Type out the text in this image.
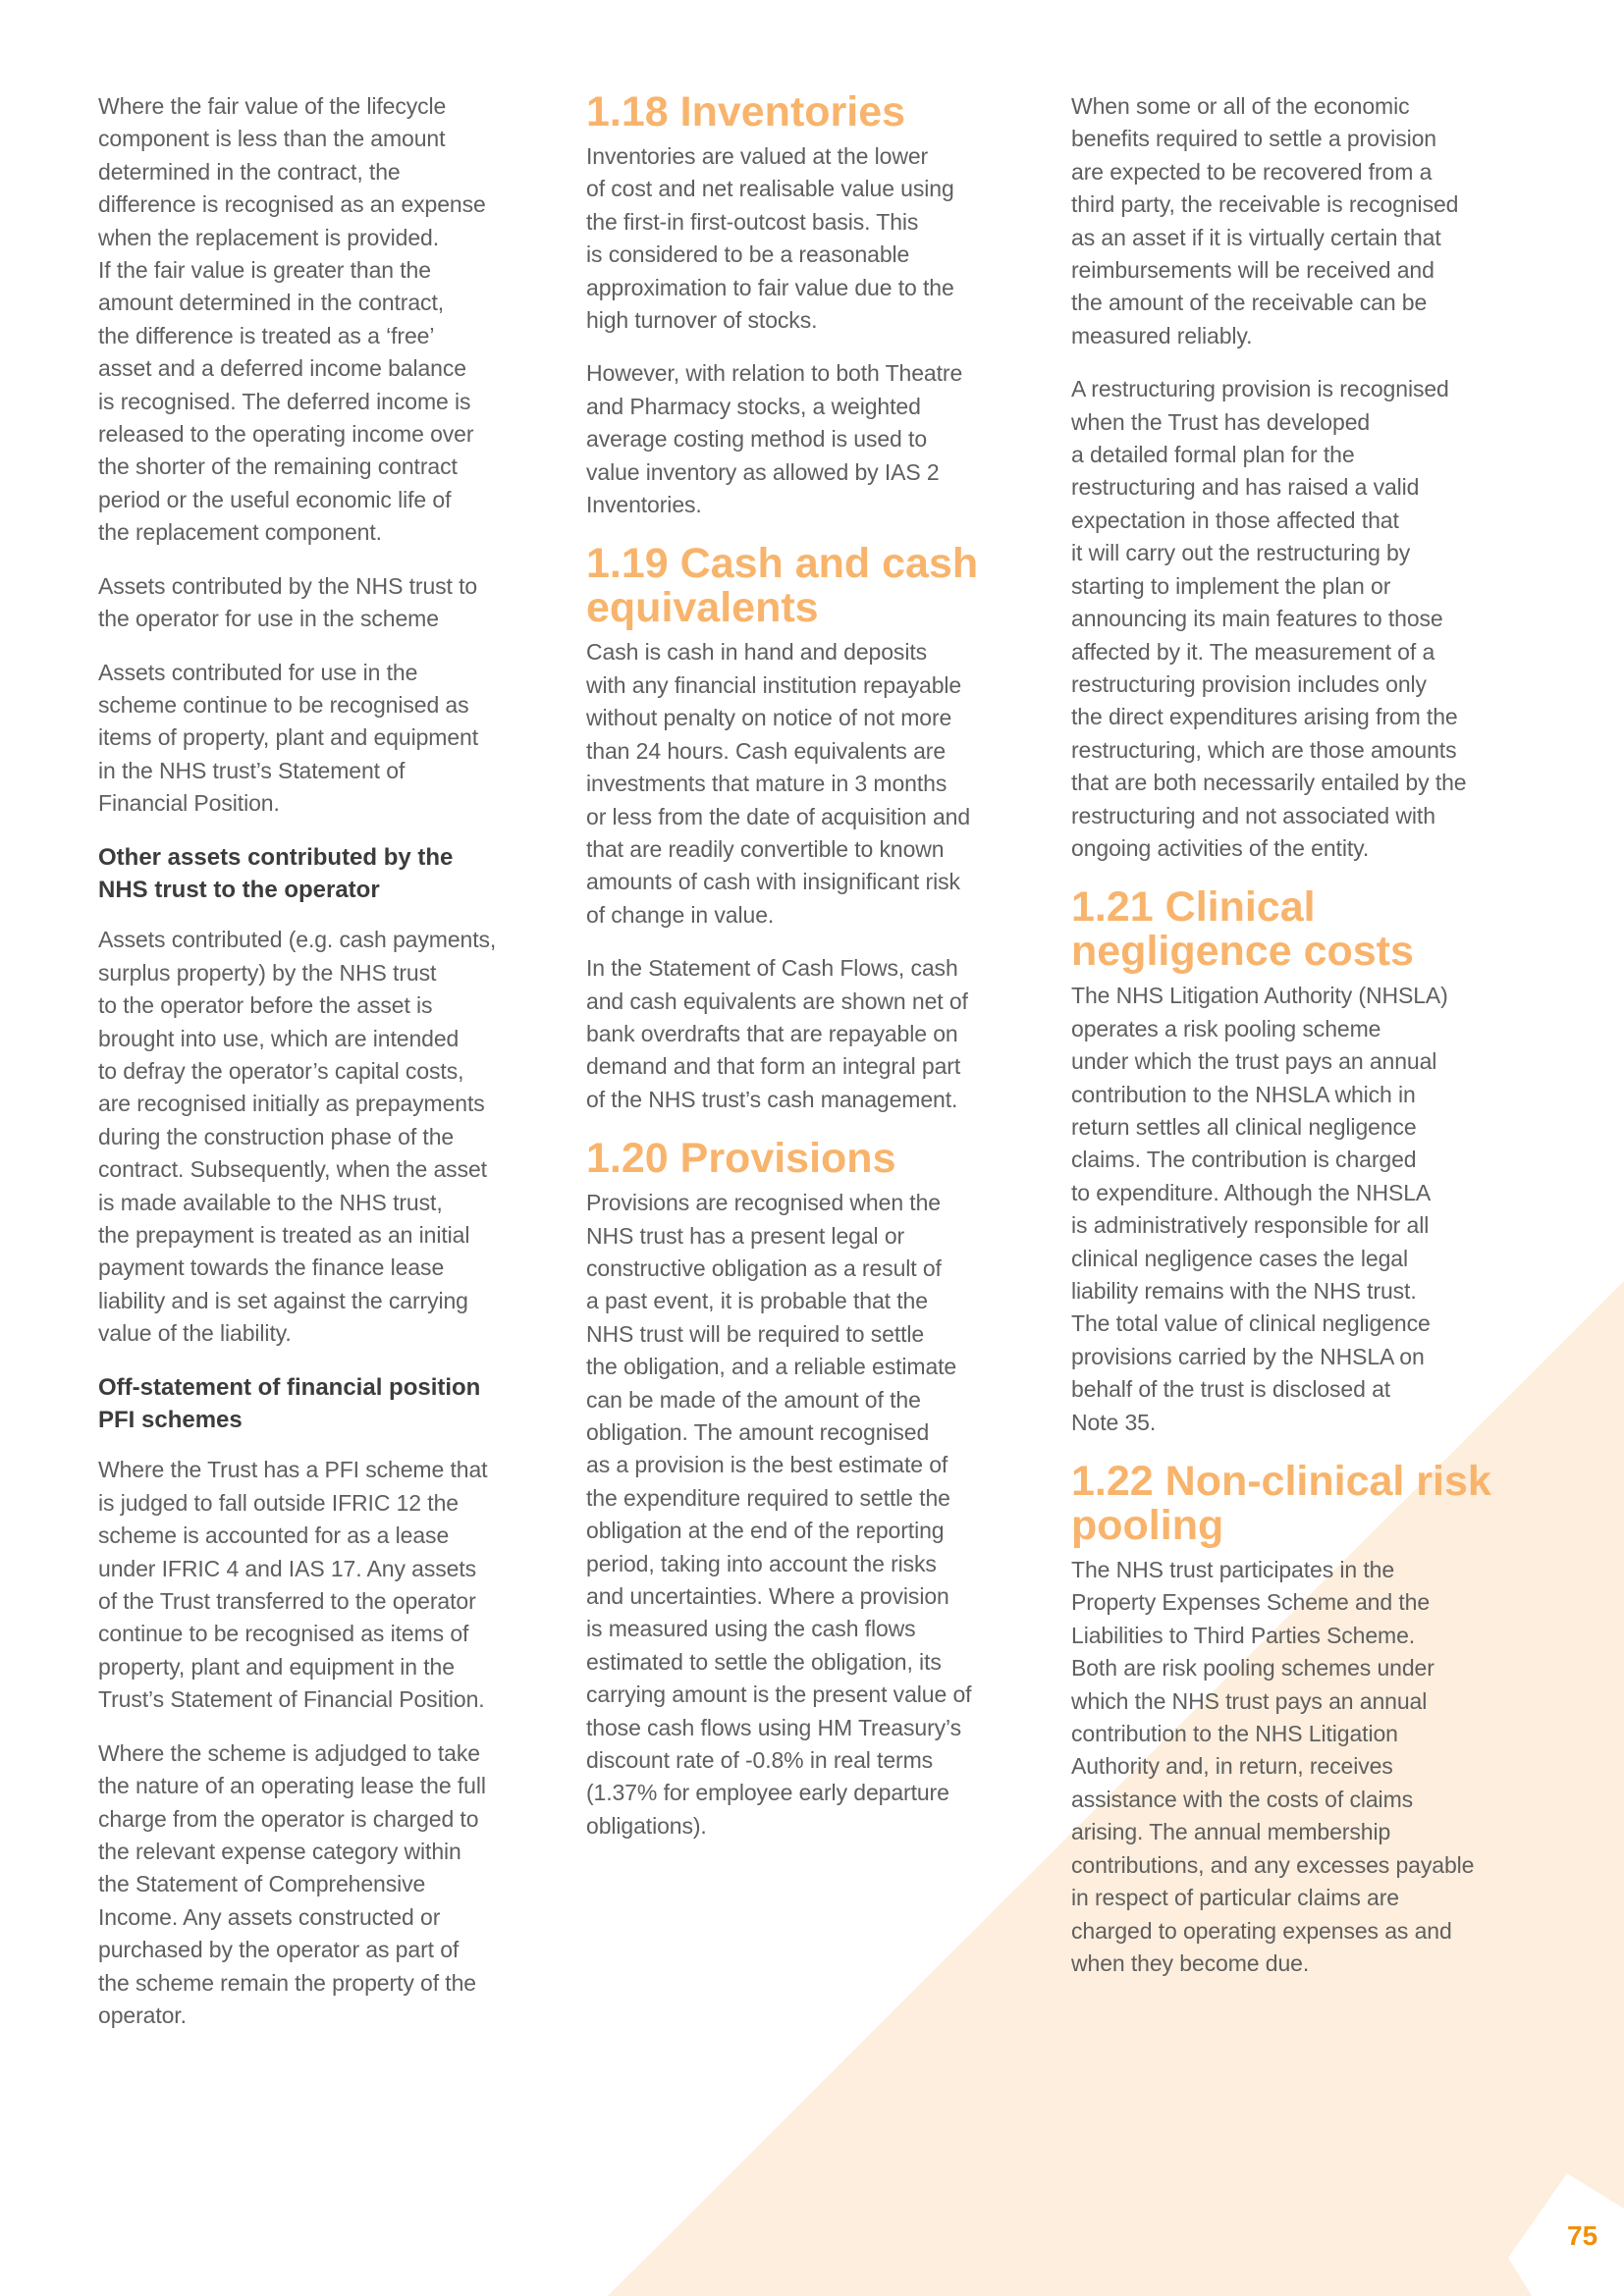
Where the fair value of the lifecycle
component is less than the amount
determined in the contract, the
difference is recognised as an expense
when the replacement is provided.
If the fair value is greater than the
amount determined in the contract,
the difference is treated as a ‘free’
asset and a deferred income balance
is recognised. The deferred income is
released to the operating income over
the shorter of the remaining contract
period or the useful economic life of
the replacement component.
Assets contributed by the NHS trust to
the operator for use in the scheme
Assets contributed for use in the
scheme continue to be recognised as
items of property, plant and equipment
in the NHS trust’s Statement of
Financial Position.
Other assets contributed by the
NHS trust to the operator
Assets contributed (e.g. cash payments,
surplus property) by the NHS trust
to the operator before the asset is
brought into use, which are intended
to defray the operator’s capital costs,
are recognised initially as prepayments
during the construction phase of the
contract. Subsequently, when the asset
is made available to the NHS trust,
the prepayment is treated as an initial
payment towards the finance lease
liability and is set against the carrying
value of the liability.
Off-statement of financial position
PFI schemes
Where the Trust has a PFI scheme that
is judged to fall outside IFRIC 12 the
scheme is accounted for as a lease
under IFRIC 4 and IAS 17. Any assets
of the Trust transferred to the operator
continue to be recognised as items of
property, plant and equipment in the
Trust’s Statement of Financial Position.
Where the scheme is adjudged to take
the nature of an operating lease the full
charge from the operator is charged to
the relevant expense category within
the Statement of Comprehensive
Income. Any assets constructed or
purchased by the operator as part of
the scheme remain the property of the
operator.
1.18 Inventories
Inventories are valued at the lower
of cost and net realisable value using
the first-in first-outcost basis. This
is considered to be a reasonable
approximation to fair value due to the
high turnover of stocks.
However, with relation to both Theatre
and Pharmacy stocks, a weighted
average costing method is used to
value inventory as allowed by IAS 2
Inventories.
1.19 Cash and cash
equivalents
Cash is cash in hand and deposits
with any financial institution repayable
without penalty on notice of not more
than 24 hours. Cash equivalents are
investments that mature in 3 months
or less from the date of acquisition and
that are readily convertible to known
amounts of cash with insignificant risk
of change in value.
In the Statement of Cash Flows, cash
and cash equivalents are shown net of
bank overdrafts that are repayable on
demand and that form an integral part
of the NHS trust’s cash management.
1.20 Provisions
Provisions are recognised when the
NHS trust has a present legal or
constructive obligation as a result of
a past event, it is probable that the
NHS trust will be required to settle
the obligation, and a reliable estimate
can be made of the amount of the
obligation. The amount recognised
as a provision is the best estimate of
the expenditure required to settle the
obligation at the end of the reporting
period, taking into account the risks
and uncertainties. Where a provision
is measured using the cash flows
estimated to settle the obligation, its
carrying amount is the present value of
those cash flows using HM Treasury’s
discount rate of -0.8% in real terms
(1.37% for employee early departure
obligations).
When some or all of the economic
benefits required to settle a provision
are expected to be recovered from a
third party, the receivable is recognised
as an asset if it is virtually certain that
reimbursements will be received and
the amount of the receivable can be
measured reliably.
A restructuring provision is recognised
when the Trust has developed
a detailed formal plan for the
restructuring and has raised a valid
expectation in those affected that
it will carry out the restructuring by
starting to implement the plan or
announcing its main features to those
affected by it. The measurement of a
restructuring provision includes only
the direct expenditures arising from the
restructuring, which are those amounts
that are both necessarily entailed by the
restructuring and not associated with
ongoing activities of the entity.
1.21 Clinical
negligence costs
The NHS Litigation Authority (NHSLA)
operates a risk pooling scheme
under which the trust pays an annual
contribution to the NHSLA which in
return settles all clinical negligence
claims. The contribution is charged
to expenditure. Although the NHSLA
is administratively responsible for all
clinical negligence cases the legal
liability remains with the NHS trust.
The total value of clinical negligence
provisions carried by the NHSLA on
behalf of the trust is disclosed at
Note 35.
1.22 Non-clinical risk
pooling
The NHS trust participates in the
Property Expenses Scheme and the
Liabilities to Third Parties Scheme.
Both are risk pooling schemes under
which the NHS trust pays an annual
contribution to the NHS Litigation
Authority and, in return, receives
assistance with the costs of claims
arising. The annual membership
contributions, and any excesses payable
in respect of particular claims are
charged to operating expenses as and
when they become due.
75
